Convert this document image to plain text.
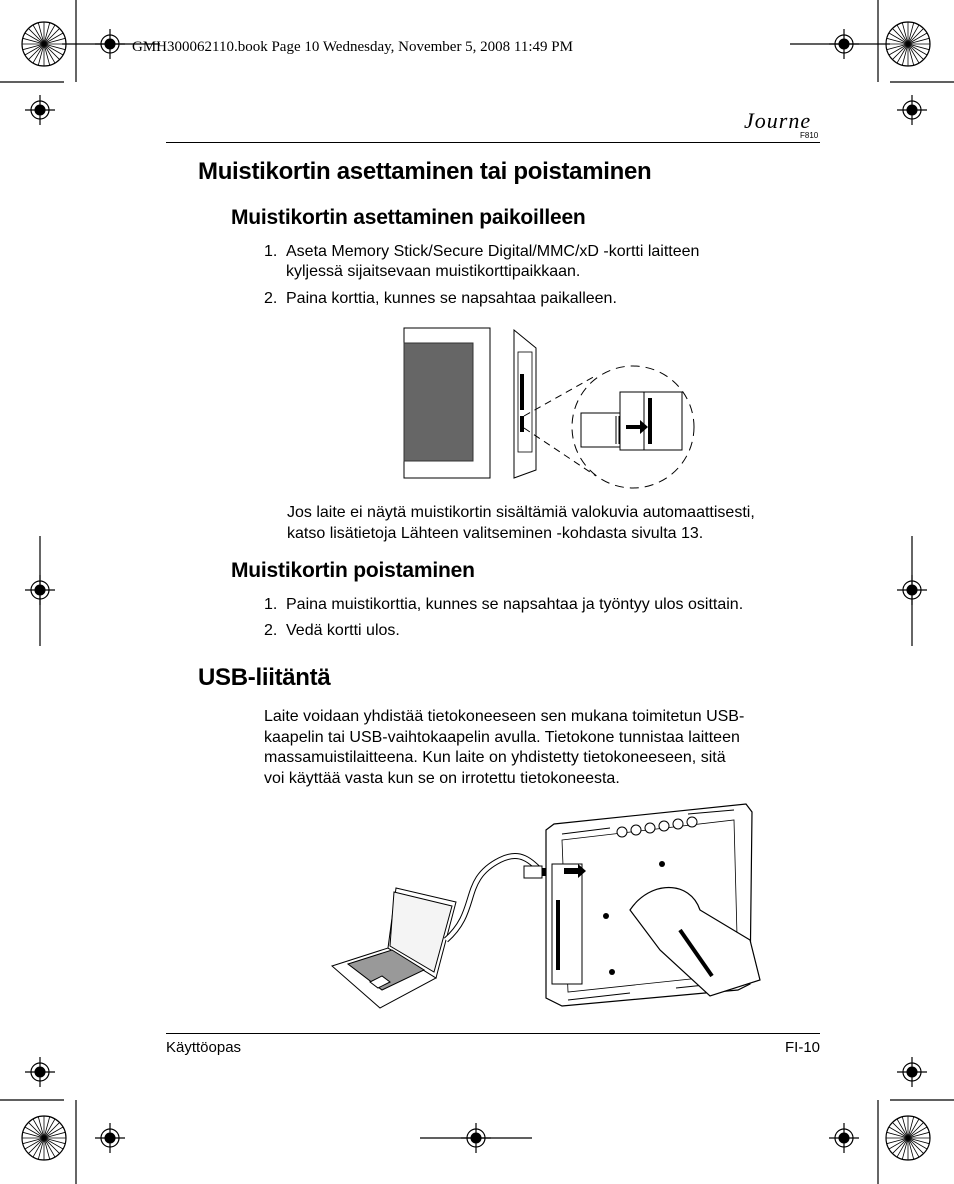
GMH300062110.book Page 10 Wednesday, November 5, 2008 11:49 PM
Journe
F810
Muistikortin asettaminen tai poistaminen
Muistikortin asettaminen paikoilleen
1. Aseta Memory Stick/Secure Digital/MMC/xD -kortti laitteen
kyljessä sijaitsevaan muistikorttipaikkaan.
2. Paina korttia, kunnes se napsahtaa paikalleen.
Jos laite ei näytä muistikortin sisältämiä valokuvia automaattisesti,
katso lisätietoja Lähteen valitseminen -kohdasta sivulta 13.
Muistikortin poistaminen
1. Paina muistikorttia, kunnes se napsahtaa ja työntyy ulos osittain.
2. Vedä kortti ulos.
USB-liitäntä
Laite voidaan yhdistää tietokoneeseen sen mukana toimitetun USB-
kaapelin tai USB-vaihtokaapelin avulla. Tietokone tunnistaa laitteen
massamuistilaitteena. Kun laite on yhdistetty tietokoneeseen, sitä
voi käyttää vasta kun se on irrotettu tietokoneesta.
Käyttöopas	FI-10
